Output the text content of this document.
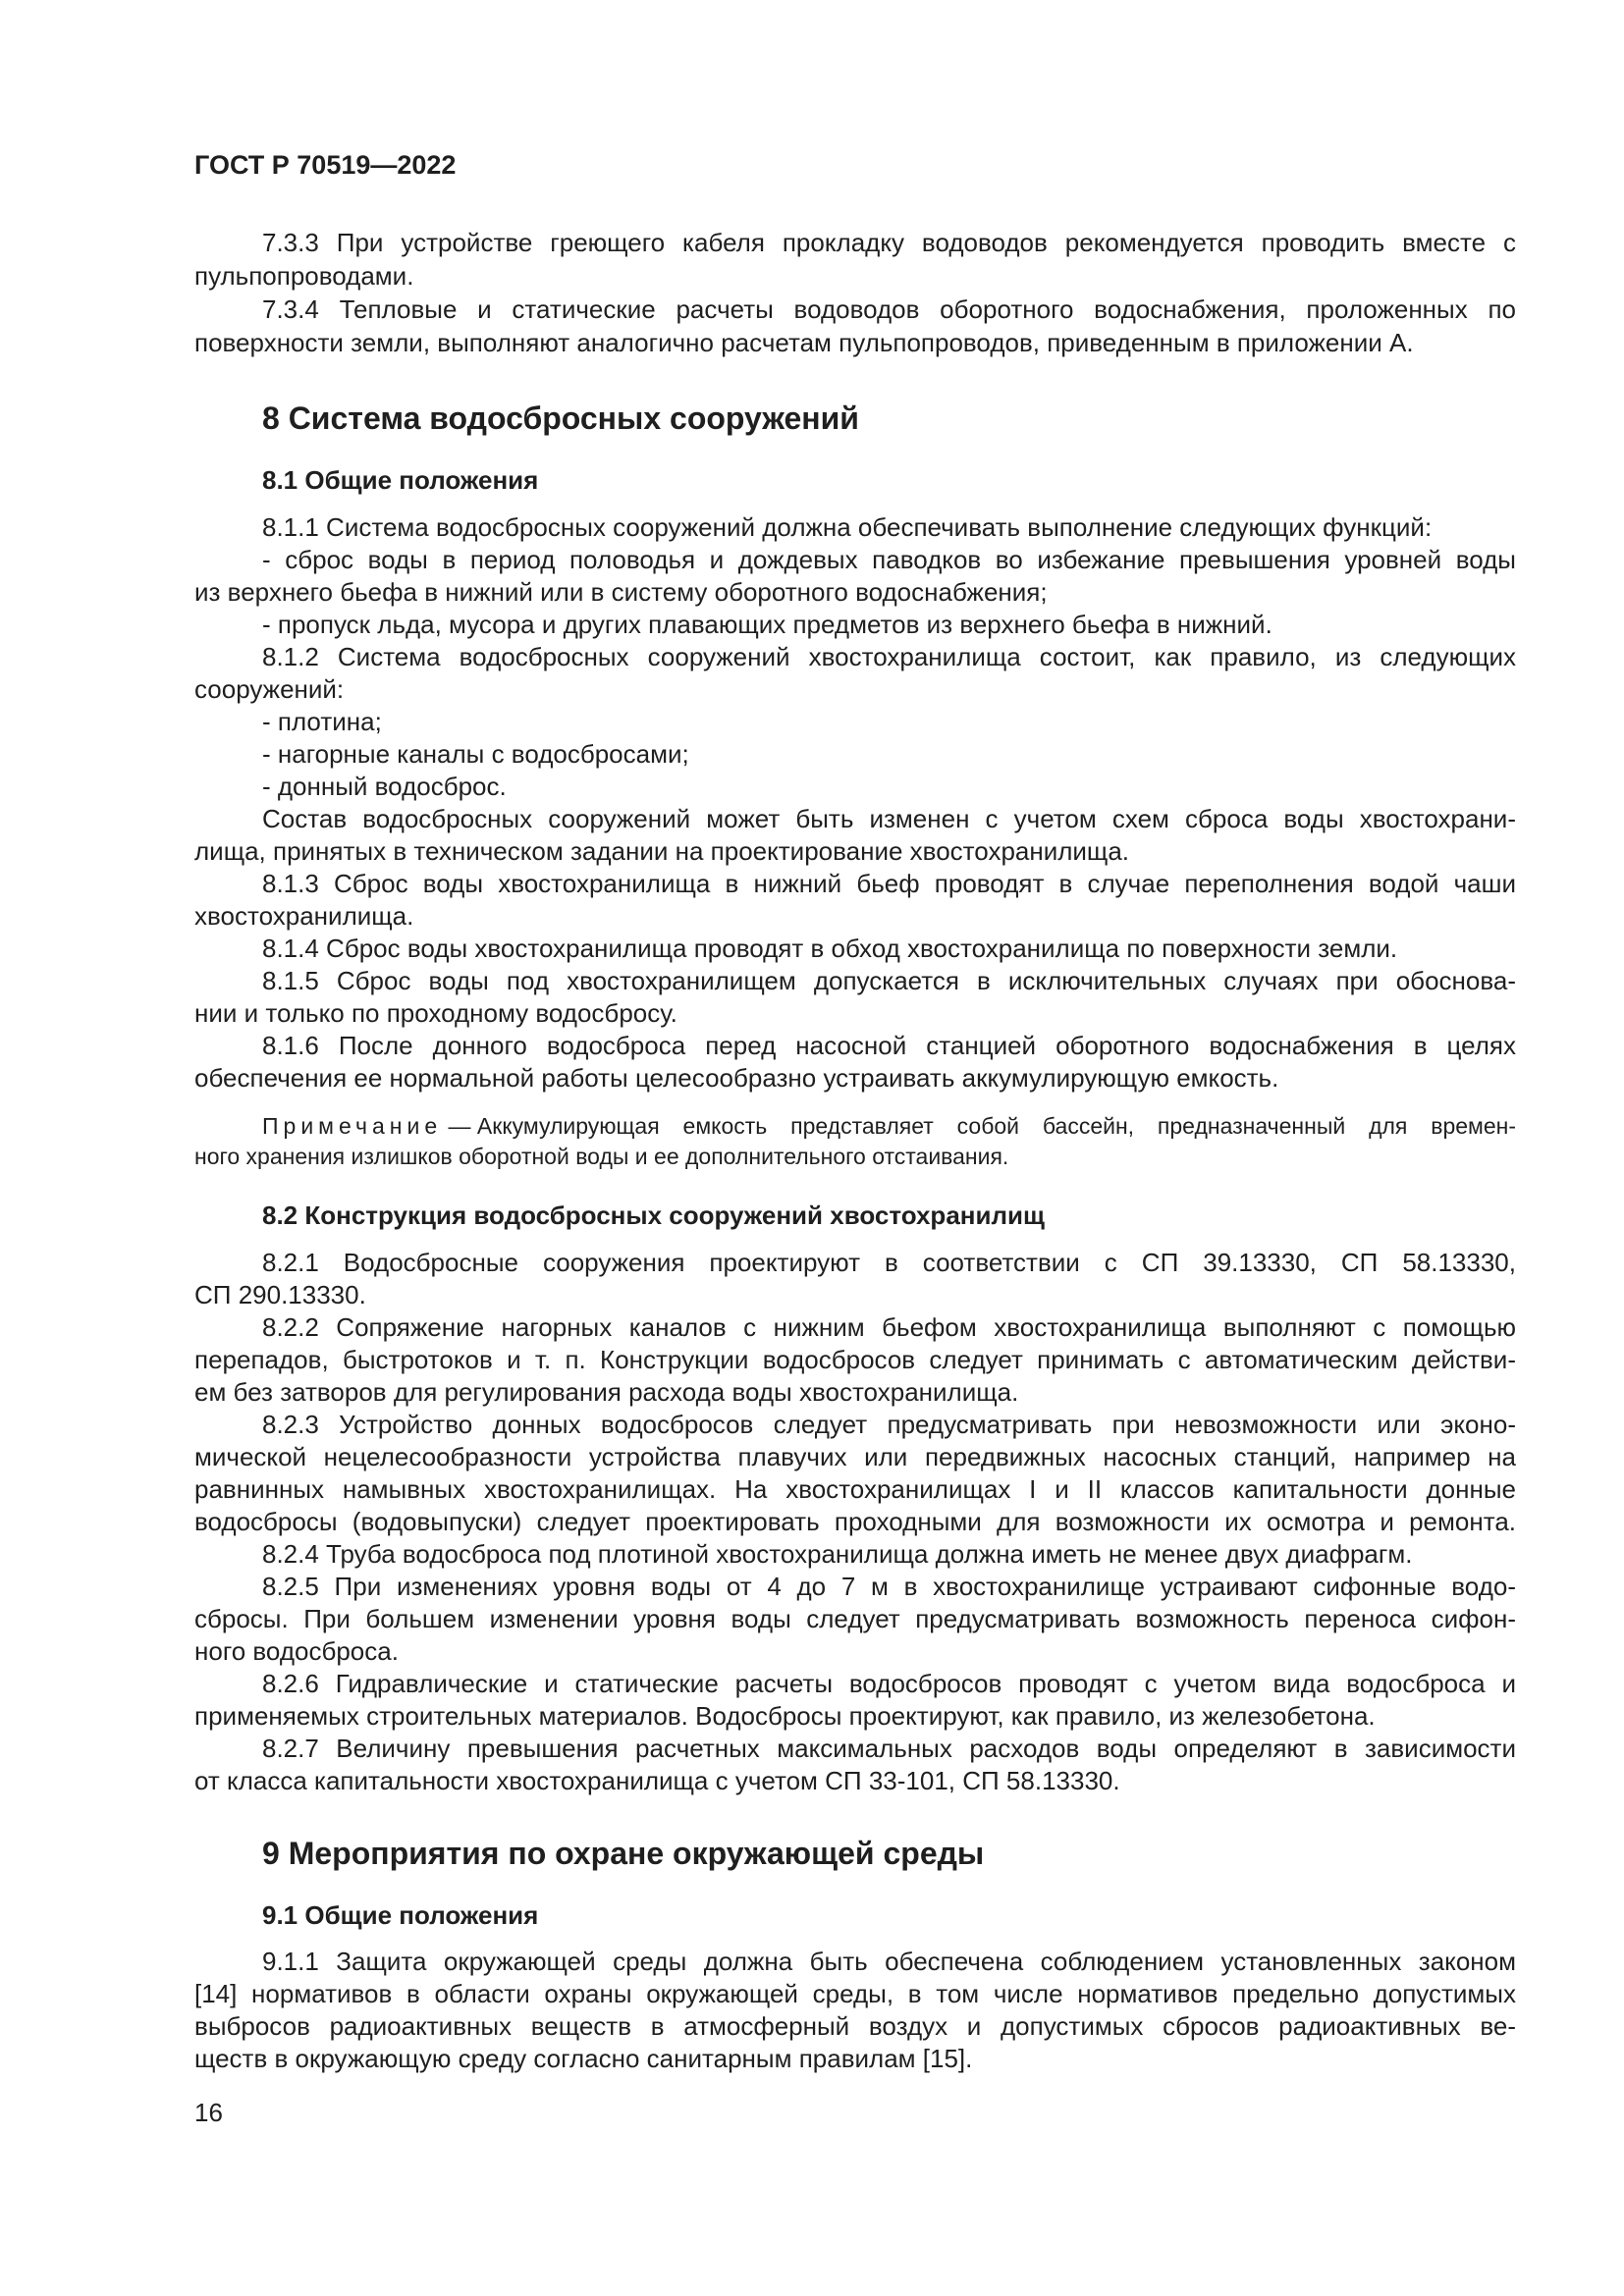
ГОСТ Р 70519—2022
7.3.3 При устройстве греющего кабеля прокладку водоводов рекомендуется проводить вместе с
пульпопроводами.
7.3.4 Тепловые и статические расчеты водоводов оборотного водоснабжения, проложенных по
поверхности земли, выполняют аналогично расчетам пульпопроводов, приведенным в приложении А.
8 Система водосбросных сооружений
8.1 Общие положения
8.1.1 Система водосбросных сооружений должна обеспечивать выполнение следующих функций:
- сброс воды в период половодья и дождевых паводков во избежание превышения уровней воды
из верхнего бьефа в нижний или в систему оборотного водоснабжения;
- пропуск льда, мусора и других плавающих предметов из верхнего бьефа в нижний.
8.1.2 Система водосбросных сооружений хвостохранилища состоит, как правило, из следующих
сооружений:
- плотина;
- нагорные каналы с водосбросами;
- донный водосброс.
Состав водосбросных сооружений может быть изменен с учетом схем сброса воды хвостохрани-
лища, принятых в техническом задании на проектирование хвостохранилища.
8.1.3 Сброс воды хвостохранилища в нижний бьеф проводят в случае переполнения водой чаши
хвостохранилища.
8.1.4 Сброс воды хвостохранилища проводят в обход хвостохранилища по поверхности земли.
8.1.5 Сброс воды под хвостохранилищем допускается в исключительных случаях при обоснова-
нии и только по проходному водосбросу.
8.1.6 После донного водосброса перед насосной станцией оборотного водоснабжения в целях
обеспечения ее нормальной работы целесообразно устраивать аккумулирующую емкость.
Примечание — Аккумулирующая емкость представляет собой бассейн, предназначенный для времен-
ного хранения излишков оборотной воды и ее дополнительного отстаивания.
8.2 Конструкция водосбросных сооружений хвостохранилищ
8.2.1 Водосбросные сооружения проектируют в соответствии с СП 39.13330, СП 58.13330,
СП 290.13330.
8.2.2 Сопряжение нагорных каналов с нижним бьефом хвостохранилища выполняют с помощью
перепадов, быстротоков и т. п. Конструкции водосбросов следует принимать с автоматическим действи-
ем без затворов для регулирования расхода воды хвостохранилища.
8.2.3 Устройство донных водосбросов следует предусматривать при невозможности или эконо-
мической нецелесообразности устройства плавучих или передвижных насосных станций, например на
равнинных намывных хвостохранилищах. На хвостохранилищах I и II классов капитальности донные
водосбросы (водовыпуски) следует проектировать проходными для возможности их осмотра и ремонта.
8.2.4 Труба водосброса под плотиной хвостохранилища должна иметь не менее двух диафрагм.
8.2.5 При изменениях уровня воды от 4 до 7 м в хвостохранилище устраивают сифонные водо-
сбросы. При большем изменении уровня воды следует предусматривать возможность переноса сифон-
ного водосброса.
8.2.6 Гидравлические и статические расчеты водосбросов проводят с учетом вида водосброса и
применяемых строительных материалов. Водосбросы проектируют, как правило, из железобетона.
8.2.7 Величину превышения расчетных максимальных расходов воды определяют в зависимости
от класса капитальности хвостохранилища с учетом СП 33-101, СП 58.13330.
9 Мероприятия по охране окружающей среды
9.1 Общие положения
9.1.1 Защита окружающей среды должна быть обеспечена соблюдением установленных законом
[14] нормативов в области охраны окружающей среды, в том числе нормативов предельно допустимых
выбросов радиоактивных веществ в атмосферный воздух и допустимых сбросов радиоактивных ве-
ществ в окружающую среду согласно санитарным правилам [15].
16
